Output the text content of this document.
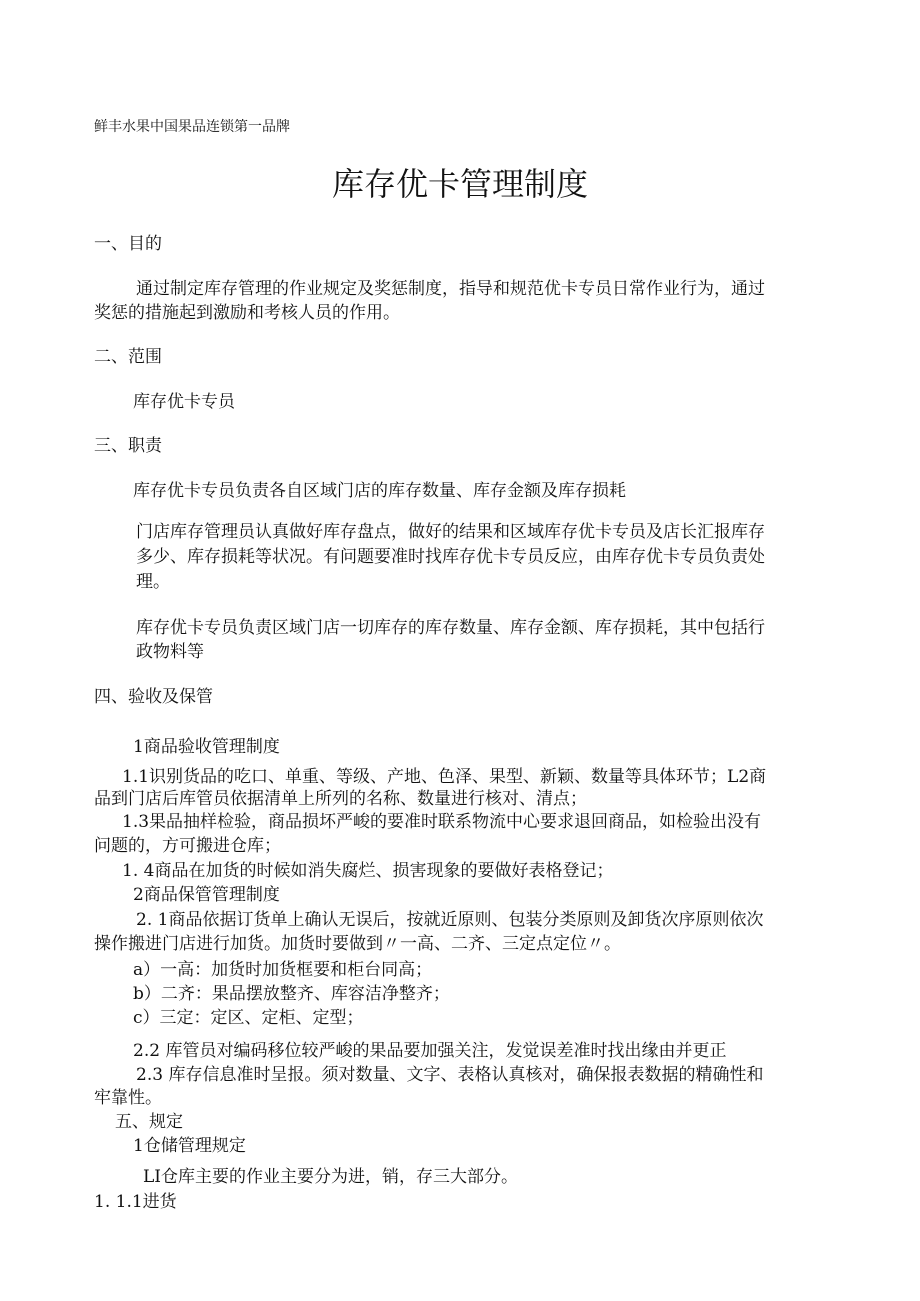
鲜丰水果中国果品连锁第一品牌
库存优卡管理制度
一、目的
通过制定库存管理的作业规定及奖惩制度，指导和规范优卡专员日常作业行为，通过
奖惩的措施起到激励和考核人员的作用。
二、范围
库存优卡专员
三、职责
库存优卡专员负责各自区域门店的库存数量、库存金额及库存损耗
门店库存管理员认真做好库存盘点，做好的结果和区域库存优卡专员及店长汇报库存
多少、库存损耗等状况。有问题要准时找库存优卡专员反应，由库存优卡专员负责处
理。
库存优卡专员负责区域门店一切库存的库存数量、库存金额、库存损耗，其中包括行
政物料等
四、验收及保管
1商品验收管理制度
1.1识别货品的吃口、单重、等级、产地、色泽、果型、新颖、数量等具体环节；L2商
品到门店后库管员依据清单上所列的名称、数量进行核对、清点；
1.3果品抽样检验，商品损坏严峻的要准时联系物流中心要求退回商品，如检验出没有
问题的，方可搬进仓库；
1. 4商品在加货的时候如消失腐烂、损害现象的要做好表格登记；
2商品保管管理制度
2. 1商品依据订货单上确认无误后，按就近原则、包装分类原则及卸货次序原则依次
操作搬进门店进行加货。加货时要做到〃一高、二齐、三定点定位〃。
a）一高：加货时加货框要和柜台同高；
b）二齐：果品摆放整齐、库容洁净整齐；
c）三定：定区、定柜、定型；
2.2 库管员对编码移位较严峻的果品要加强关注，发觉误差准时找出缘由并更正
2.3 库存信息准时呈报。须对数量、文字、表格认真核对，确保报表数据的精确性和
牢靠性。
五、规定
1仓储管理规定
LI仓库主要的作业主要分为进，销，存三大部分。
1. 1.1进货
